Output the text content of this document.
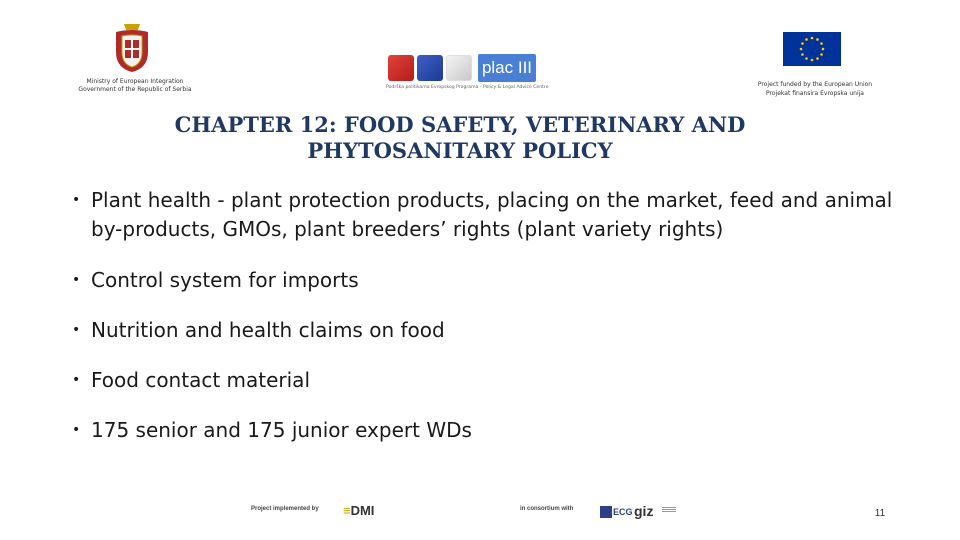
Ministry of European Integration
Government of the Republic of Serbia
plac III
Podrška politikama Evropskog Programa - Policy & Legal Advice Centre	Project funded by the European Union
Projekat finansira Evropska unija
CHAPTER 12: FOOD SAFETY, VETERINARY AND
PHYTOSANITARY POLICY
• Plant health - plant protection products, placing on the market, feed and animal by-products, GMOs, plant breeders’ rights (plant variety rights)
• Control system for imports
• Nutrition and health claims on food
• Food contact material
• 175 senior and 175 junior expert WDs
Project implemented by ≡DMI	in consortium with	ECG giz	11
